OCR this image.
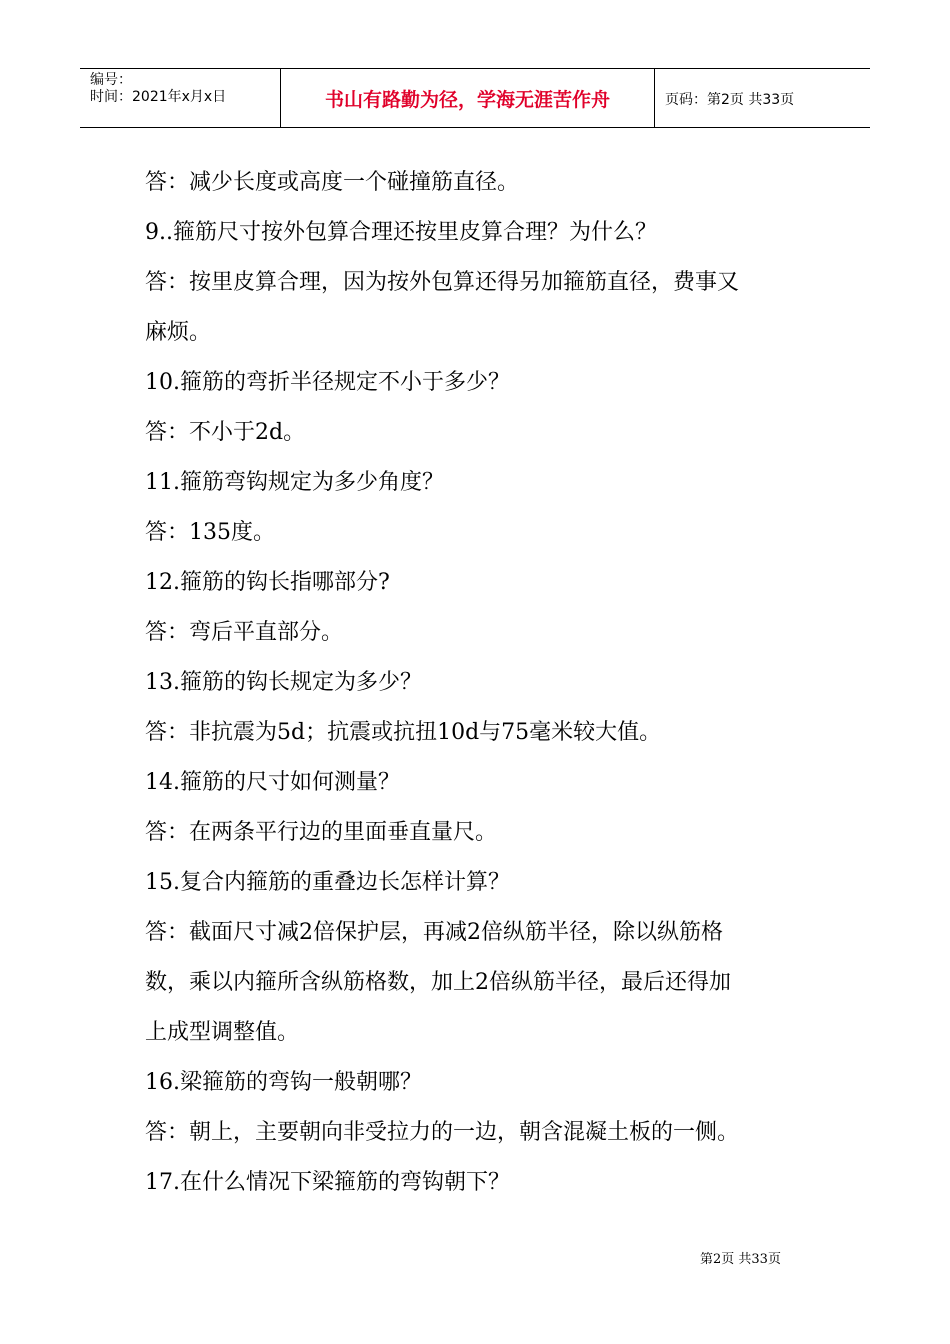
编号：
时间：2021年x月x日	书山有路勤为径，学海无涯苦作舟	页码：第2页 共33页
答：减少长度或高度一个碰撞筋直径。
9..箍筋尺寸按外包算合理还按里皮算合理？为什么？
答：按里皮算合理，因为按外包算还得另加箍筋直径，费事又
麻烦。
10.箍筋的弯折半径规定不小于多少？
答：不小于2d。
11.箍筋弯钩规定为多少角度？
答：135度。
12.箍筋的钩长指哪部分?
答：弯后平直部分。
13.箍筋的钩长规定为多少？
答：非抗震为5d；抗震或抗扭10d与75毫米较大值。
14.箍筋的尺寸如何测量？
答：在两条平行边的里面垂直量尺。
15.复合内箍筋的重叠边长怎样计算？
答：截面尺寸减2倍保护层，再减2倍纵筋半径，除以纵筋格
数，乘以内箍所含纵筋格数，加上2倍纵筋半径，最后还得加
上成型调整值。
16.梁箍筋的弯钩一般朝哪？
答：朝上，主要朝向非受拉力的一边，朝含混凝土板的一侧。
17.在什么情况下梁箍筋的弯钩朝下？
第2页 共33页
